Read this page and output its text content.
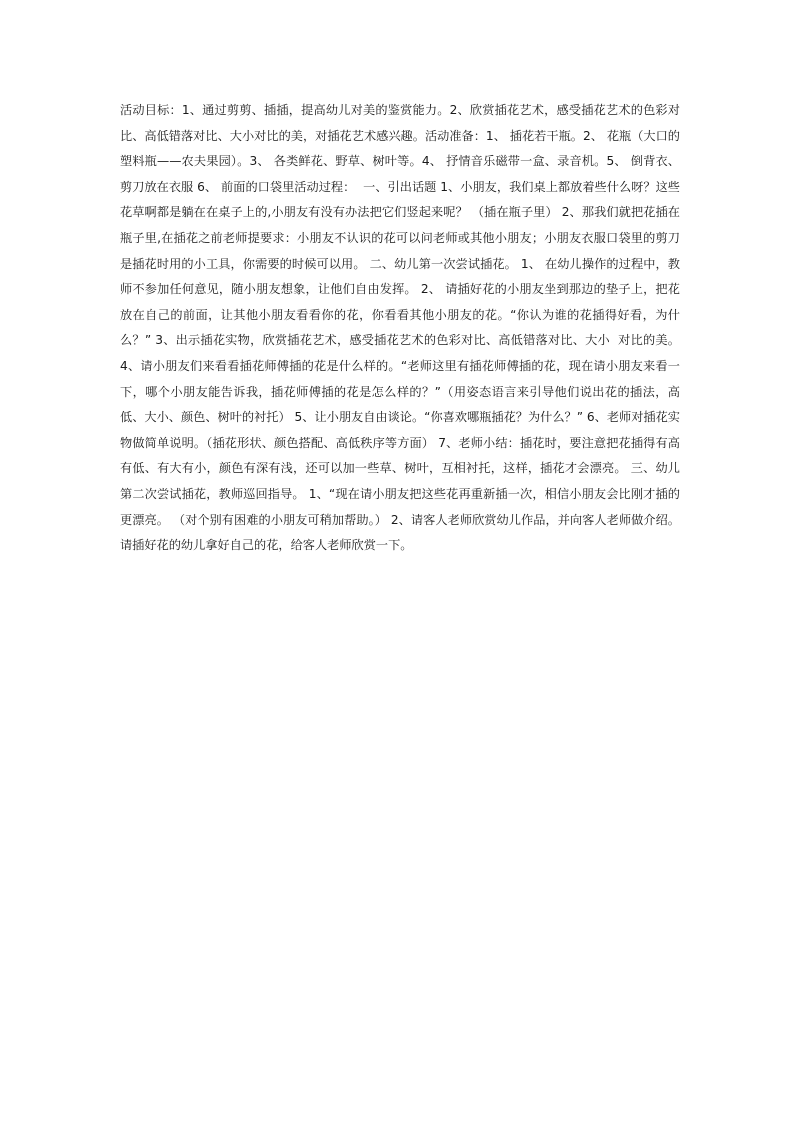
活动目标：1、通过剪剪、插插，提高幼儿对美的鉴赏能力。2、欣赏插花艺术，感受插花艺术的色彩对比、高低错落对比、大小对比的美，对插花艺术感兴趣。活动准备：1、 插花若干瓶。2、 花瓶（大口的塑料瓶——农夫果园）。3、 各类鲜花、野草、树叶等。4、 抒情音乐磁带一盒、录音机。5、 倒背衣、剪刀放在衣服 6、 前面的口袋里活动过程：  一、引出话题 1、小朋友，我们桌上都放着些什么呀？这些花草啊都是躺在在桌子上的,小朋友有没有办法把它们竖起来呢？ （插在瓶子里） 2、那我们就把花插在瓶子里,在插花之前老师提要求：小朋友不认识的花可以问老师或其他小朋友；小朋友衣服口袋里的剪刀是插花时用的小工具，你需要的时候可以用。 二、幼儿第一次尝试插花。 1、 在幼儿操作的过程中，教师不参加任何意见，随小朋友想象，让他们自由发挥。 2、 请插好花的小朋友坐到那边的垫子上，把花放在自己的前面，让其他小朋友看看你的花，你看看其他小朋友的花。“你认为谁的花插得好看，为什么？” 3、出示插花实物，欣赏插花艺术，感受插花艺术的色彩对比、高低错落对比、大小  对比的美。 4、请小朋友们来看看插花师傅插的花是什么样的。“老师这里有插花师傅插的花，现在请小朋友来看一下，哪个小朋友能告诉我，插花师傅插的花是怎么样的？”（用姿态语言来引导他们说出花的插法，高低、大小、颜色、树叶的衬托） 5、让小朋友自由谈论。“你喜欢哪瓶插花？为什么？” 6、老师对插花实物做简单说明。（插花形状、颜色搭配、高低秩序等方面） 7、老师小结：插花时，要注意把花插得有高有低、有大有小，颜色有深有浅，还可以加一些草、树叶，互相衬托，这样，插花才会漂亮。 三、幼儿第二次尝试插花，教师巡回指导。 1、“现在请小朋友把这些花再重新插一次，相信小朋友会比刚才插的更漂亮。 （对个别有困难的小朋友可稍加帮助。） 2、请客人老师欣赏幼儿作品，并向客人老师做介绍。 请插好花的幼儿拿好自己的花，给客人老师欣赏一下。
